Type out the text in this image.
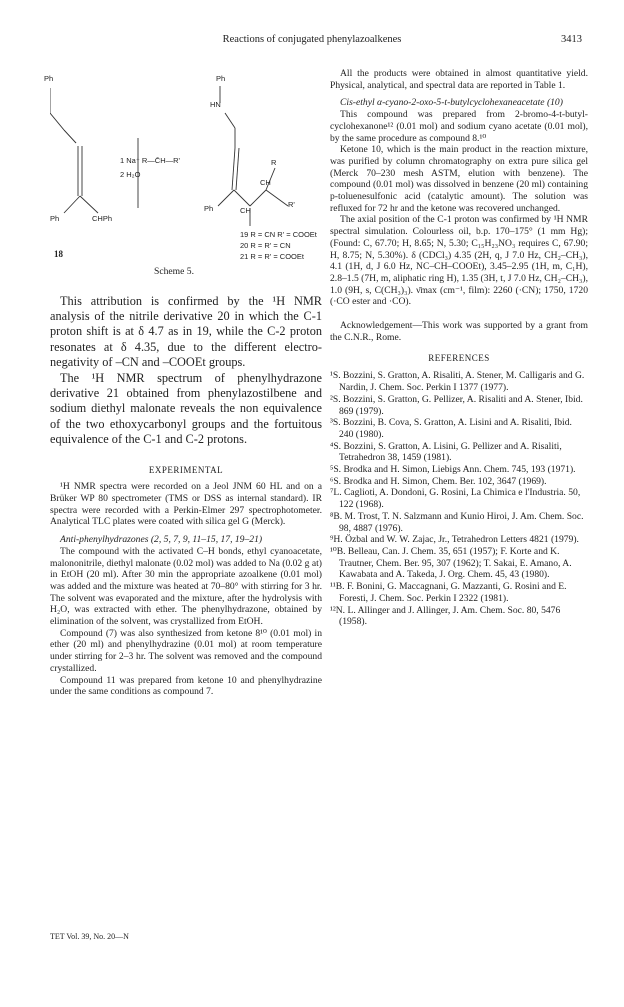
Reactions of conjugated phenylazoalkenes	3413
Ph
Ph	CHPh
1 Na⁺ R—C̄H—R'
2 H₂O
Ph
HN
R
CH
R'
Ph	CH
18
19 R = CN R' = COOEt
20 R = R' = CN
21 R = R' = COOEt
Scheme 5.

This attribution is confirmed by the ¹H NMR analysis of the nitrile derivative 20 in which the C-1 proton shift is at δ 4.7 as in 19, while the C-2 proton resonates at δ 4.35, due to the different electro-negativity of –CN and –COOEt groups.

The ¹H NMR spectrum of phenylhydrazone derivative 21 obtained from phenylazostilbene and sodium diethyl malonate reveals the non equivalence of the two ethoxycarbonyl groups and the fortuitous equivalence of the C-1 and C-2 protons.

EXPERIMENTAL

¹H NMR spectra were recorded on a Jeol JNM 60 HL and on a Brüker WP 80 spectrometer (TMS or DSS as internal standard). IR spectra were recorded with a Perkin-Elmer 297 spectrophotometer. Analytical TLC plates were coated with silica gel G (Merck).

Anti-phenylhydrazones (2, 5, 7, 9, 11–15, 17, 19–21)

The compound with the activated C–H bonds, ethyl cyanoacetate, malononitrile, diethyl malonate (0.02 mol) was added to Na (0.02 g at) in EtOH (20 ml). After 30 min the appropriate azoalkene (0.01 mol) was added and the mixture was heated at 70–80° with stirring for 3 hr. The solvent was evaporated and the mixture, after the hydrolysis with H₂O, was extracted with ether. The phenylhydrazone, obtained by elimination of the solvent, was crystallized from EtOH.

Compound (7) was also synthesized from ketone 8¹⁰ (0.01 mol) in ether (20 ml) and phenylhydrazine (0.01 mol) at room temperature under stirring for 2–3 hr. The solvent was removed and the compound crystallized.

Compound 11 was prepared from ketone 10 and phenylhydrazine under the same conditions as compound 7.

All the products were obtained in almost quantitative yield. Physical, analytical, and spectral data are reported in Table 1.

Cis-ethyl α-cyano-2-oxo-5-t-butylcyclohexaneacetate (10)

This compound was prepared from 2-bromo-4-t-butyl-cyclohexanone¹² (0.01 mol) and sodium cyano acetate (0.01 mol), by the same procedure as compound 8.¹⁰

Ketone 10, which is the main product in the reaction mixture, was purified by column chromatography on extra pure silica gel (Merck 70–230 mesh ASTM, elution with benzene). The compound (0.01 mol) was dissolved in benzene (20 ml) containing p-toluenesulfonic acid (catalytic amount). The solution was refluxed for 72 hr and the ketone was recovered unchanged.

The axial position of the C-1 proton was confirmed by ¹H NMR spectral simulation. Colourless oil, b.p. 170–175° (1 mm Hg); (Found: C, 67.70; H, 8.65; N, 5.30; C₁₅H₂₃NO₃ requires C, 67.90; H, 8.75; N, 5.30%). δ (CDCl₃) 4.35 (2H, q, J 7.0 Hz, CH₂–CH₃), 4.1 (1H, d, J 6.0 Hz, NC–CH–COOEt), 3.45–2.95 (1H, m, C₁H), 2.8–1.5 (7H, m, aliphatic ring H), 1.35 (3H, t, J 7.0 Hz, CH₂–CH₃), 1.0 (9H, s, C(CH₃)₃). ν̄max (cm⁻¹, film): 2260 (·CN); 1750, 1720 (·CO ester and ·CO).

Acknowledgement—This work was supported by a grant from the C.N.R., Rome.

REFERENCES
¹S. Bozzini, S. Gratton, A. Risaliti, A. Stener, M. Calligaris and G. Nardin, J. Chem. Soc. Perkin I 1377 (1977).
²S. Bozzini, S. Gratton, G. Pellizer, A. Risaliti and A. Stener, Ibid. 869 (1979).
³S. Bozzini, B. Cova, S. Gratton, A. Lisini and A. Risaliti, Ibid. 240 (1980).
⁴S. Bozzini, S. Gratton, A. Lisini, G. Pellizer and A. Risaliti, Tetrahedron 38, 1459 (1981).
⁵S. Brodka and H. Simon, Liebigs Ann. Chem. 745, 193 (1971).
⁶S. Brodka and H. Simon, Chem. Ber. 102, 3647 (1969).
⁷L. Caglioti, A. Dondoni, G. Rosini, La Chimica e l'Industria. 50, 122 (1968).
⁸B. M. Trost, T. N. Salzmann and Kunio Hiroi, J. Am. Chem. Soc. 98, 4887 (1976).
⁹H. Özbal and W. W. Zajac, Jr., Tetrahedron Letters 4821 (1979).
¹⁰B. Belleau, Can. J. Chem. 35, 651 (1957); F. Korte and K. Trautner, Chem. Ber. 95, 307 (1962); T. Sakai, E. Amano, A. Kawabata and A. Takeda, J. Org. Chem. 45, 43 (1980).
¹¹B. F. Bonini, G. Maccagnani, G. Mazzanti, G. Rosini and E. Foresti, J. Chem. Soc. Perkin I 2322 (1981).
¹²N. L. Allinger and J. Allinger, J. Am. Chem. Soc. 80, 5476 (1958).
TET Vol. 39, No. 20—N
